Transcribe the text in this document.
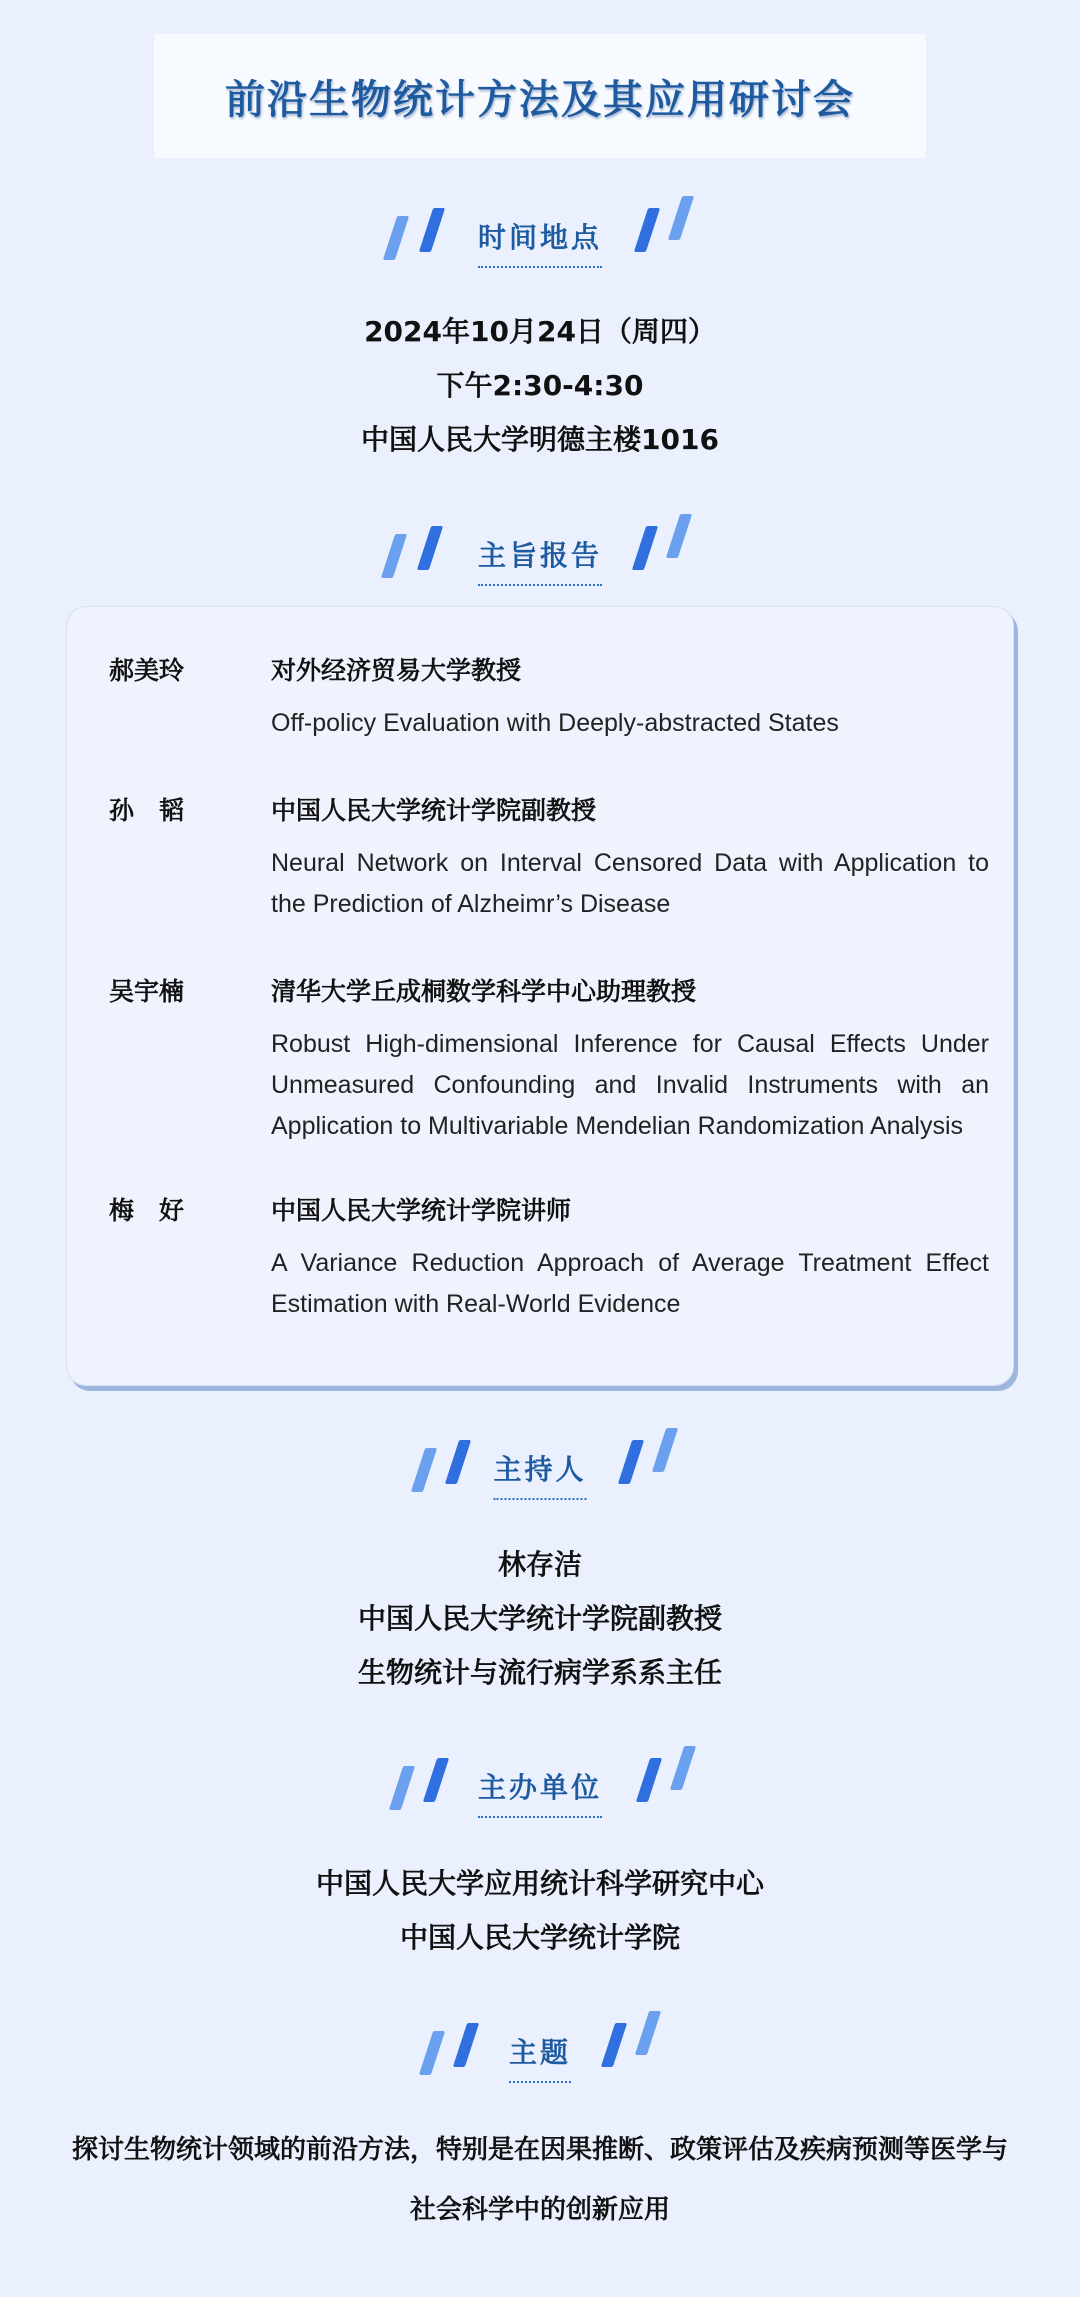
前沿生物统计方法及其应用研讨会
时间地点
2024年10月24日（周四）
下午2:30-4:30
中国人民大学明德主楼1016
主旨报告
郝美玲	对外经济贸易大学教授
Off-policy Evaluation with Deeply-abstracted States
孙　韬	中国人民大学统计学院副教授
Neural Network on Interval Censored Data with Application to the Prediction of Alzheimr’s Disease
吴宇楠	清华大学丘成桐数学科学中心助理教授
Robust High-dimensional Inference for Causal Effects Under Unmeasured Confounding and Invalid Instruments with an Application to Multivariable Mendelian Randomization Analysis
梅　好	中国人民大学统计学院讲师
A Variance Reduction Approach of Average Treatment Effect Estimation with Real-World Evidence
主持人
林存洁
中国人民大学统计学院副教授
生物统计与流行病学系系主任
主办单位
中国人民大学应用统计科学研究中心
中国人民大学统计学院
主题
探讨生物统计领域的前沿方法，特别是在因果推断、政策评估及疾病预测等医学与社会科学中的创新应用
